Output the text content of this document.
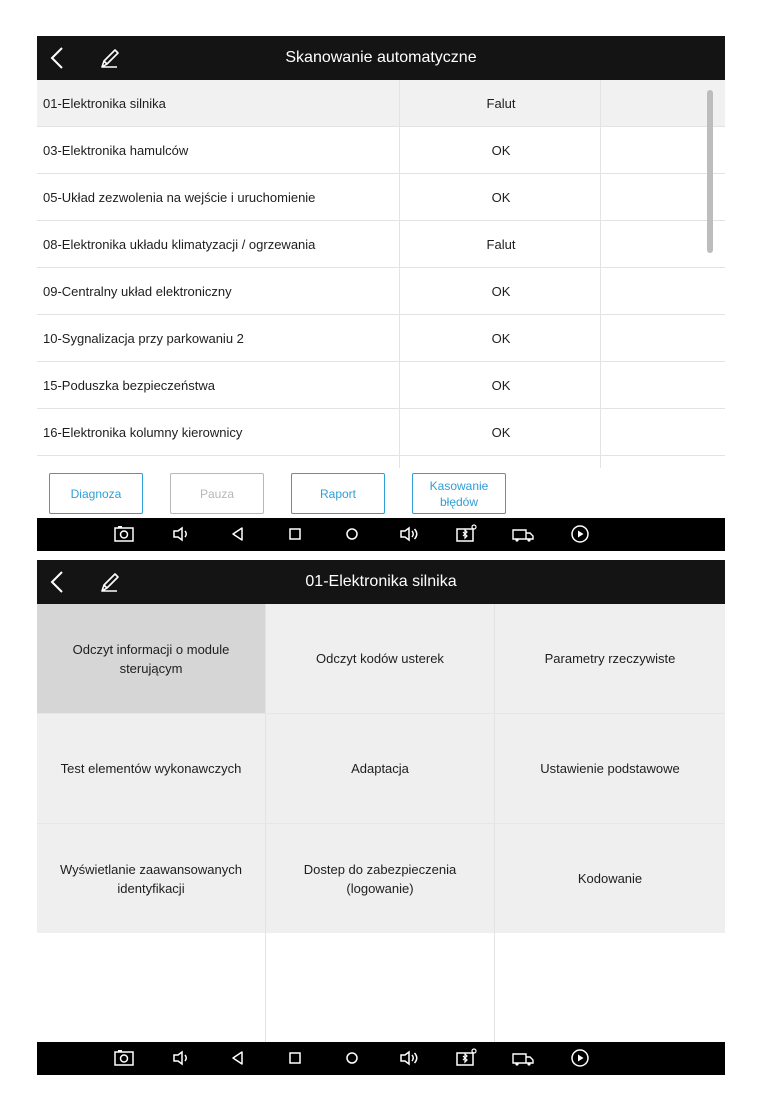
Skanowanie automatyczne
01-Elektronika silnika	Falut
03-Elektronika hamulców	OK
05-Układ zezwolenia na wejście i uruchomienie	OK
08-Elektronika układu klimatyzacji / ogrzewania	Falut
09-Centralny układ elektroniczny	OK
10-Sygnalizacja przy parkowaniu 2	OK
15-Poduszka bezpieczeństwa	OK
16-Elektronika kolumny kierownicy	OK
Diagnoza	Pauza	Raport
Kasowanie błędów
01-Elektronika silnika
Odczyt informacji o module sterującym
Odczyt kodów usterek	Parametry rzeczywiste
Test elementów wykonawczych	Adaptacja	Ustawienie podstawowe
Wyświetlanie zaawansowanych identyfikacji
Dostep do zabezpieczenia (logowanie)
Kodowanie
